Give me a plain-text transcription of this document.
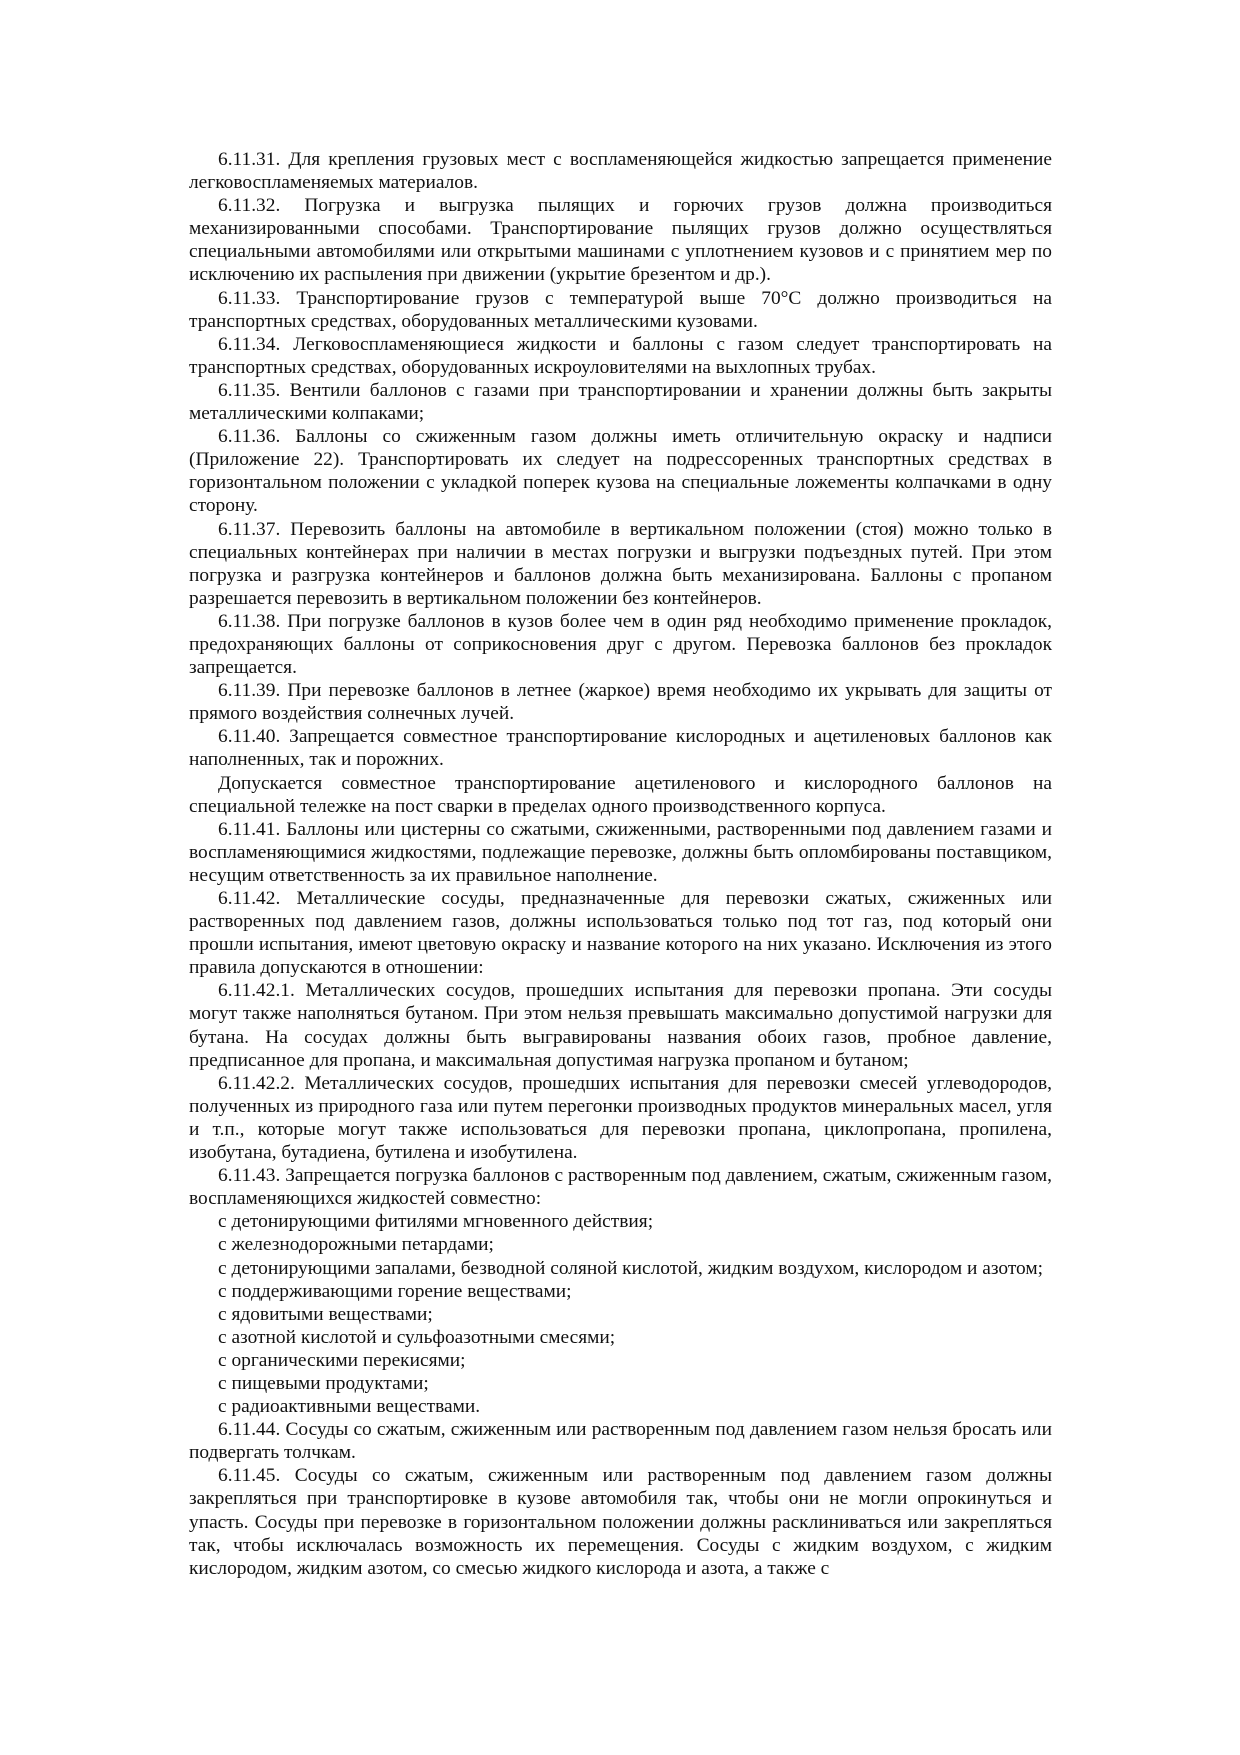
6.11.31. Для крепления грузовых мест с воспламеняющейся жидкостью запрещается применение легковоспламеняемых материалов.

6.11.32. Погрузка и выгрузка пылящих и горючих грузов должна производиться механизированными способами. Транспортирование пылящих грузов должно осуществляться специальными автомобилями или открытыми машинами с уплотнением кузовов и с принятием мер по исключению их распыления при движении (укрытие брезентом и др.).

6.11.33. Транспортирование грузов с температурой выше 70°С должно производиться на транспортных средствах, оборудованных металлическими кузовами.

6.11.34. Легковоспламеняющиеся жидкости и баллоны с газом следует транспортировать на транспортных средствах, оборудованных искроуловителями на выхлопных трубах.

6.11.35. Вентили баллонов с газами при транспортировании и хранении должны быть закрыты металлическими колпаками;

6.11.36. Баллоны со сжиженным газом должны иметь отличительную окраску и надписи (Приложение 22). Транспортировать их следует на подрессоренных транспортных средствах в горизонтальном положении с укладкой поперек кузова на специальные ложементы колпачками в одну сторону.

6.11.37. Перевозить баллоны на автомобиле в вертикальном положении (стоя) можно только в специальных контейнерах при наличии в местах погрузки и выгрузки подъездных путей. При этом погрузка и разгрузка контейнеров и баллонов должна быть механизирована. Баллоны с пропаном разрешается перевозить в вертикальном положении без контейнеров.

6.11.38. При погрузке баллонов в кузов более чем в один ряд необходимо применение прокладок, предохраняющих баллоны от соприкосновения друг с другом. Перевозка баллонов без прокладок запрещается.

6.11.39. При перевозке баллонов в летнее (жаркое) время необходимо их укрывать для защиты от прямого воздействия солнечных лучей.

6.11.40. Запрещается совместное транспортирование кислородных и ацетиленовых баллонов как наполненных, так и порожних.

Допускается совместное транспортирование ацетиленового и кислородного баллонов на специальной тележке на пост сварки в пределах одного производственного корпуса.

6.11.41. Баллоны или цистерны со сжатыми, сжиженными, растворенными под давлением газами и воспламеняющимися жидкостями, подлежащие перевозке, должны быть опломбированы поставщиком, несущим ответственность за их правильное наполнение.

6.11.42. Металлические сосуды, предназначенные для перевозки сжатых, сжиженных или растворенных под давлением газов, должны использоваться только под тот газ, под который они прошли испытания, имеют цветовую окраску и название которого на них указано. Исключения из этого правила допускаются в отношении:

6.11.42.1. Металлических сосудов, прошедших испытания для перевозки пропана. Эти сосуды могут также наполняться бутаном. При этом нельзя превышать максимально допустимой нагрузки для бутана. На сосудах должны быть выгравированы названия обоих газов, пробное давление, предписанное для пропана, и максимальная допустимая нагрузка пропаном и бутаном;

6.11.42.2. Металлических сосудов, прошедших испытания для перевозки смесей углеводородов, полученных из природного газа или путем перегонки производных продуктов минеральных масел, угля и т.п., которые могут также использоваться для перевозки пропана, циклопропана, пропилена, изобутана, бутадиена, бутилена и изобутилена.

6.11.43. Запрещается погрузка баллонов с растворенным под давлением, сжатым, сжиженным газом, воспламеняющихся жидкостей совместно:

с детонирующими фитилями мгновенного действия;

с железнодорожными петардами;

с детонирующими запалами, безводной соляной кислотой, жидким воздухом, кислородом и азотом;

с поддерживающими горение веществами;

с ядовитыми веществами;

с азотной кислотой и сульфоазотными смесями;

с органическими перекисями;

с пищевыми продуктами;

с радиоактивными веществами.

6.11.44. Сосуды со сжатым, сжиженным или растворенным под давлением газом нельзя бросать или подвергать толчкам.

6.11.45. Сосуды со сжатым, сжиженным или растворенным под давлением газом должны закрепляться при транспортировке в кузове автомобиля так, чтобы они не могли опрокинуться и упасть. Сосуды при перевозке в горизонтальном положении должны расклиниваться или закрепляться так, чтобы исключалась возможность их перемещения. Сосуды с жидким воздухом, с жидким кислородом, жидким азотом, со смесью жидкого кислорода и азота, а также с
